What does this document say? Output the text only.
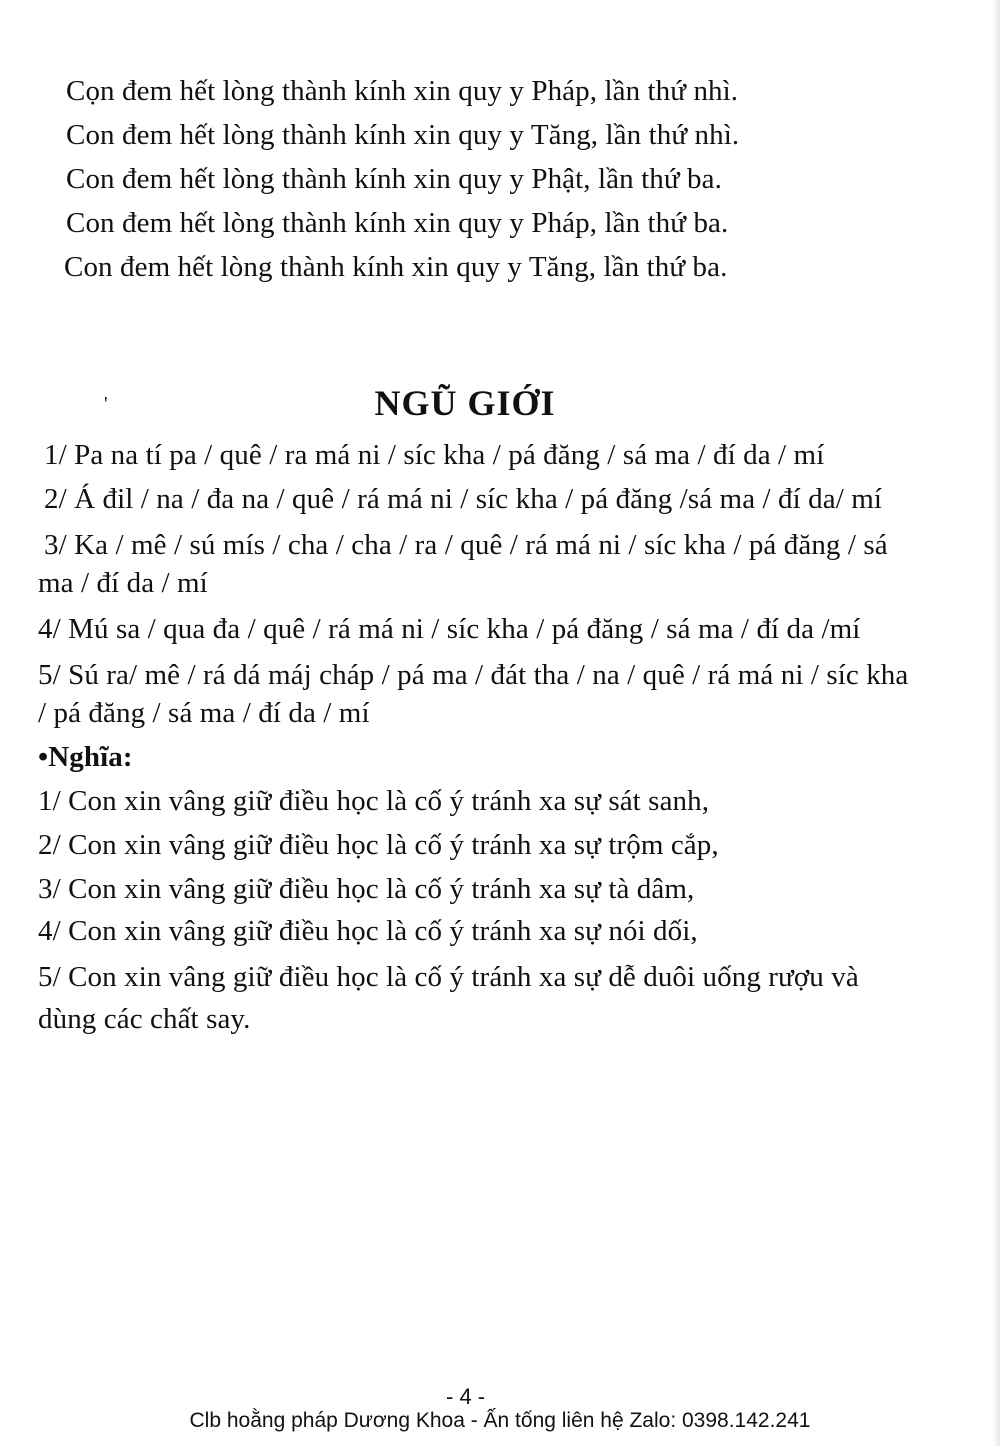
Cọn đem hết lòng thành kính xin quy y Pháp, lần thứ nhì.
Con đem hết lòng thành kính xin quy y Tăng, lần thứ nhì.
Con đem hết lòng thành kính xin quy y Phật, lần thứ ba.
Con đem hết lòng thành kính xin quy y Pháp, lần thứ ba.
Con đem hết lòng thành kính xin quy y Tăng, lần thứ ba.
'	NGŨ GIỚI
1/ Pa na tí pa / quê / ra má ni / síc kha / pá đăng / sá ma / đí da / mí
2/ Á đil / na / đa na / quê / rá má ni / síc kha / pá đăng /sá ma / đí da/ mí
3/ Ka / mê / sú mís / cha / cha / ra / quê / rá má ni / síc kha / pá đăng / sá
ma / đí da / mí
4/ Mú sa / qua đa / quê / rá má ni / síc kha / pá đăng / sá ma / đí da /mí
5/ Sú ra/ mê / rá dá máj cháp / pá ma / đát tha / na / quê / rá má ni / síc kha
/ pá đăng / sá ma / đí da / mí
•Nghĩa:
1/ Con xin vâng giữ điều học là cố ý tránh xa sự sát sanh,
2/ Con xin vâng giữ điều học là cố ý tránh xa sự trộm cắp,
3/ Con xin vâng giữ điều học là cố ý tránh xa sự tà dâm,
4/ Con xin vâng giữ điều học là cố ý tránh xa sự nói dối,
5/ Con xin vâng giữ điều học là cố ý tránh xa sự dễ duôi uống rượu và
dùng các chất say.
- 4 -
Clb hoằng pháp Dương Khoa - Ấn tống liên hệ Zalo: 0398.142.241
